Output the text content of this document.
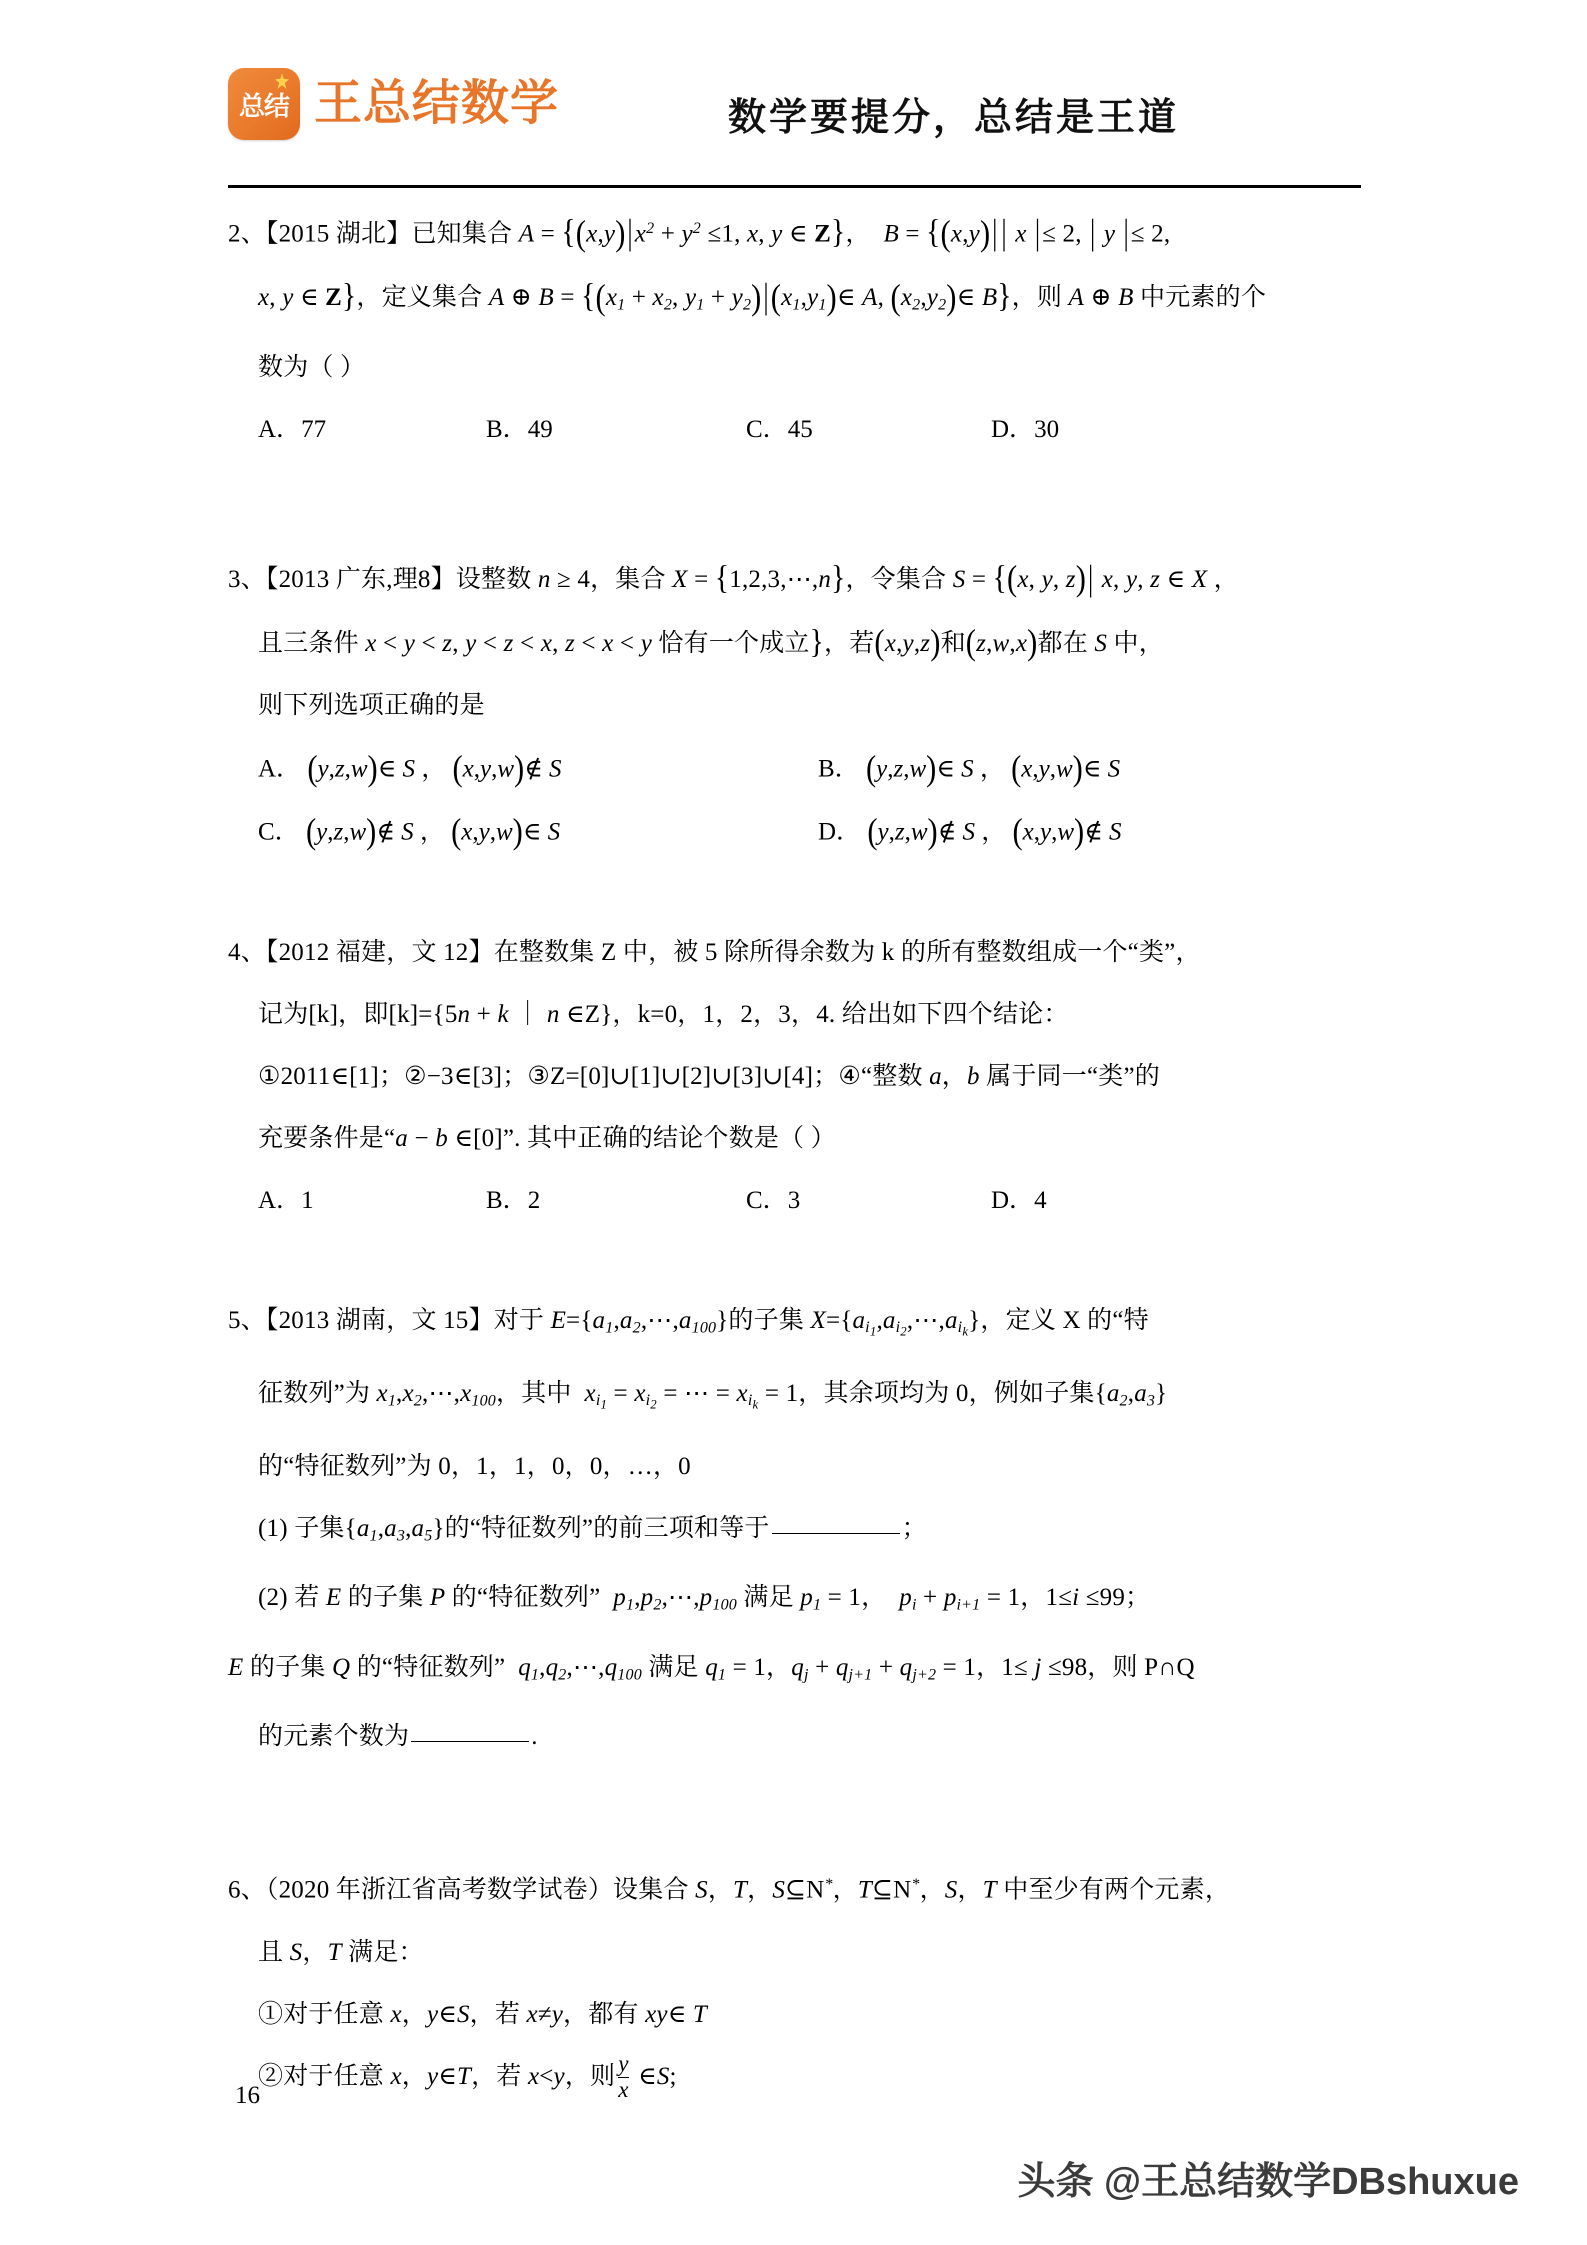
总结 王总结数学	数学要提分，总结是王道
2、【2015 湖北】已知集合 $A = \{(x,y)|x^2 + y^2 \le 1$, x, y ∈ Z}，  B = {(x,y)| | x |≤ 2, | y |≤ 2,
x, y ∈ Z}，定义集合 A ⊕ $B = \{(x_1 + x_2$, $y_1$ + $y_2)|(x_1,y_1)\in$ A, $(x_2,y_2)\in$ B}，则 A ⊕ B 中元素的个
数为（ ）
A．77	B．49	C．45	D．30
3、【2013 广东,理8】设整数 n ≥ 4，集合 X = {1,2,3,⋯,n}，令集合 S = {(x, y, z)| x, y, z ∈ X ，
且三条件 x < y < z, y < z < x, z < x < y 恰有一个成立}，若(x,y,z)和(z,w,x)都在 S 中，
则下列选项正确的是
A． (y,z,w)∈ S ， (x,y,w)∉ S	B． (y,z,w)∈ S ， (x,y,w)∈ S
C． (y,z,w)∉ S ， (x,y,w)∈ S	D． (y,z,w)∉ S ， (x,y,w)∉ S
4、【2012 福建，文 12】在整数集 Z 中，被 5 除所得余数为 k 的所有整数组成一个“类”，
记为[k]，即[k]={5n + k ｜ n ∈Z}，k=0，1，2，3，4. 给出如下四个结论：
①2011∈[1]；②−3∈[3]；③Z=[0]∪[1]∪[2]∪[3]∪[4]；④“整数 a，b 属于同一“类”的
充要条件是“a − b ∈[0]”. 其中正确的结论个数是（ ）
A．1	B．2	C．3	D．4
5、【2013 湖南，文 15】对于 $E=\{a_1,a_2,\cdots,a_{100}\}$的子集 $X=\{a_{i_1},a_{i_2},\cdots,a_{i_k}\}$，定义 X 的“特
征数列”为 $x_1,x_2,\cdots,x_{100}$，其中  $x_{i_1} = x_{i_2}$ = ⋯ = $x_{i_k} = 1$，其余项均为 0，例如子集$\{a_2,a_3\}$
的“特征数列”为 0，1，1，0，0，…，0
(1) 子集$\{a_1,a_3,a_5\}$的“特征数列”的前三项和等于	；
(2) 若 E 的子集 P 的“特征数列”  $p_1,p_2,\cdots,p_{100}$ 满足 $p_1 = 1$，  $p_i + p_{i+1} = 1$，1≤i ≤99；
E 的子集 Q 的“特征数列”  $q_1,q_2,\cdots,q_{100}$ 满足 $q_1 = 1$，$q_j + q_{j+1} + q_{j+2} = 1$，1≤ j ≤98，则 P∩Q
的元素个数为	.
6、（2020 年浙江省高考数学试卷）设集合 S，T，S⊆N*，T⊆N*，S，T 中至少有两个元素，
且 S，T 满足：
①对于任意 x，y∈S，若 x≠y，都有 xy∈ T
②对于任意 x，y∈T，若 x<y，则 $\frac{y}{x}$ ∈S;
16
头条 @王总结数学DBshuxue
